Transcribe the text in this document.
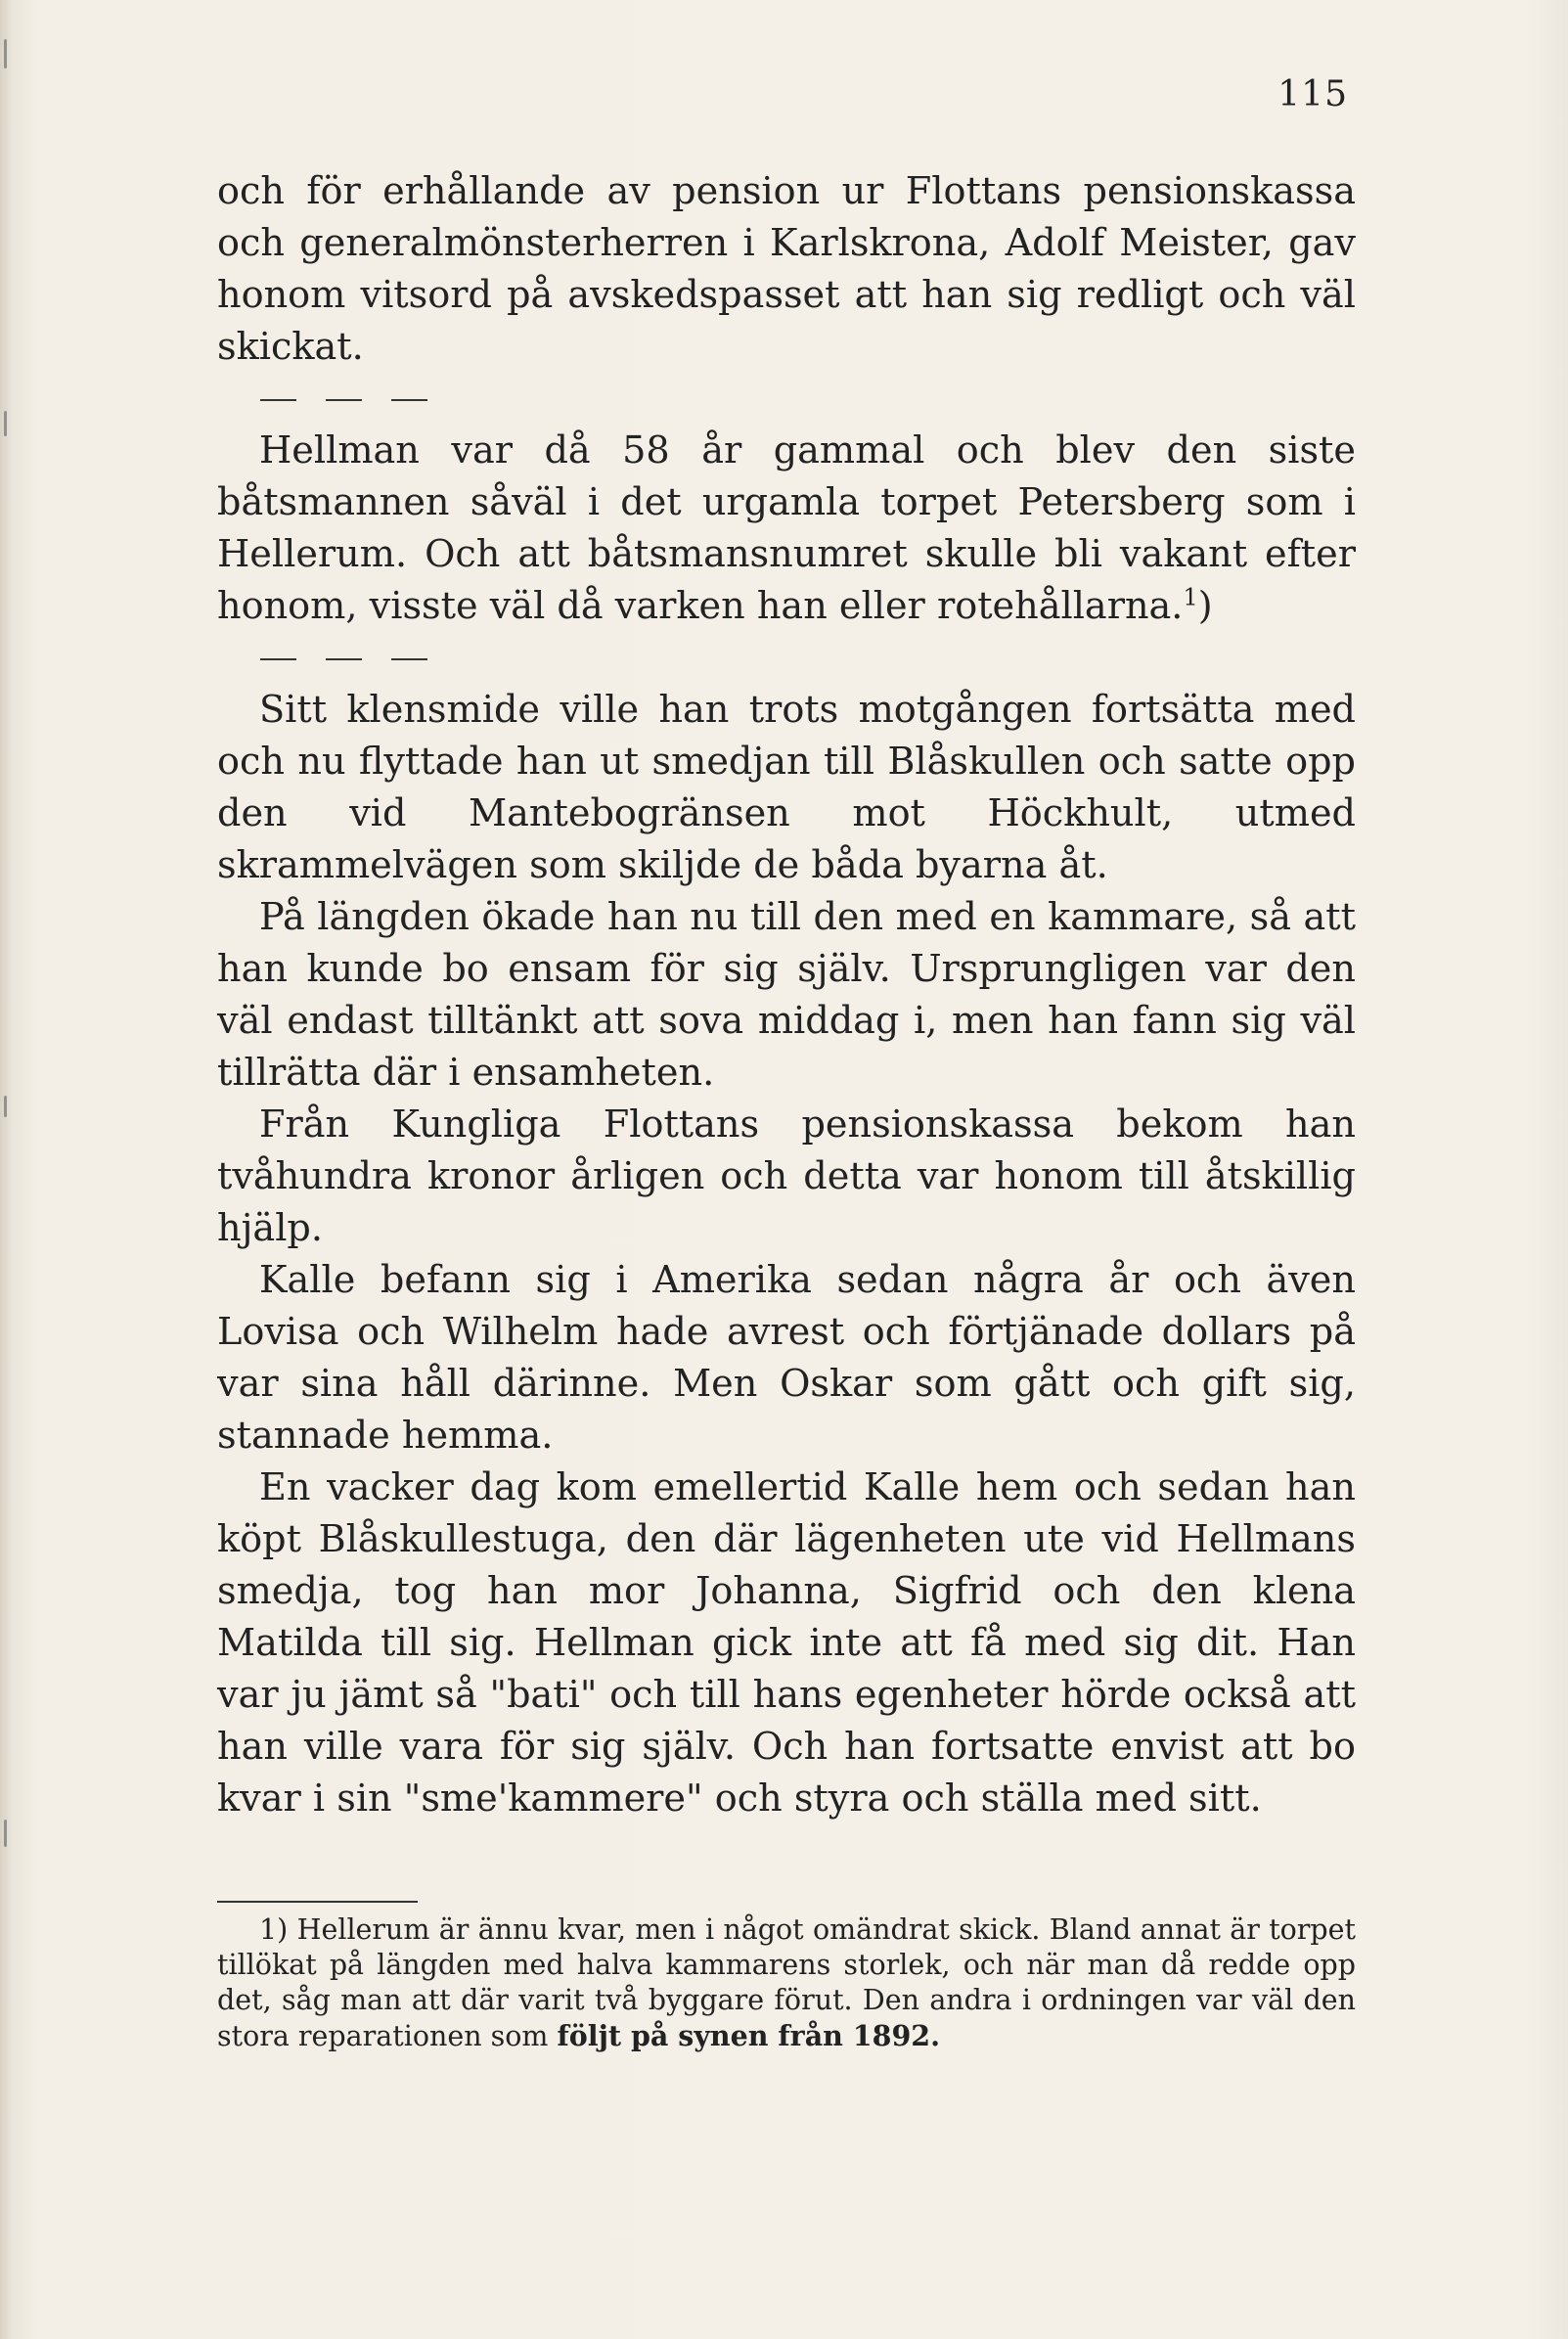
115

och för erhållande av pension ur Flottans pensionskassa och generalmönsterherren i Karlskrona, Adolf Meister, gav honom vitsord på avskedspasset att han sig redligt och väl skickat.

Hellman var då 58 år gammal och blev den siste båtsmannen såväl i det urgamla torpet Petersberg som i Hellerum. Och att båtsmansnumret skulle bli vakant efter honom, visste väl då varken han eller rotehållarna.$^1$)

Sitt klensmide ville han trots motgången fortsätta med och nu flyttade han ut smedjan till Blåskullen och satte opp den vid Mantebogränsen mot Höckhult, utmed skrammelvägen som skiljde de båda byarna åt.

På längden ökade han nu till den med en kammare, så att han kunde bo ensam för sig själv. Ursprungligen var den väl endast tilltänkt att sova middag i, men han fann sig väl tillrätta där i ensamheten.

Från Kungliga Flottans pensionskassa bekom han tvåhundra kronor årligen och detta var honom till åtskillig hjälp.

Kalle befann sig i Amerika sedan några år och även Lovisa och Wilhelm hade avrest och förtjänade dollars på var sina håll därinne. Men Oskar som gått och gift sig, stannade hemma.

En vacker dag kom emellertid Kalle hem och sedan han köpt Blåskullestuga, den där lägenheten ute vid Hellmans smedja, tog han mor Johanna, Sigfrid och den klena Matilda till sig. Hellman gick inte att få med sig dit. Han var ju jämt så "bati" och till hans egenheter hörde också att han ville vara för sig själv. Och han fortsatte envist att bo kvar i sin "sme'kammere" och styra och ställa med sitt.

1) Hellerum är ännu kvar, men i något omändrat skick. Bland annat är torpet tillökat på längden med halva kammarens storlek, och när man då redde opp det, såg man att där varit två byggare förut. Den andra i ordningen var väl den stora reparationen som följt på synen från 1892.
